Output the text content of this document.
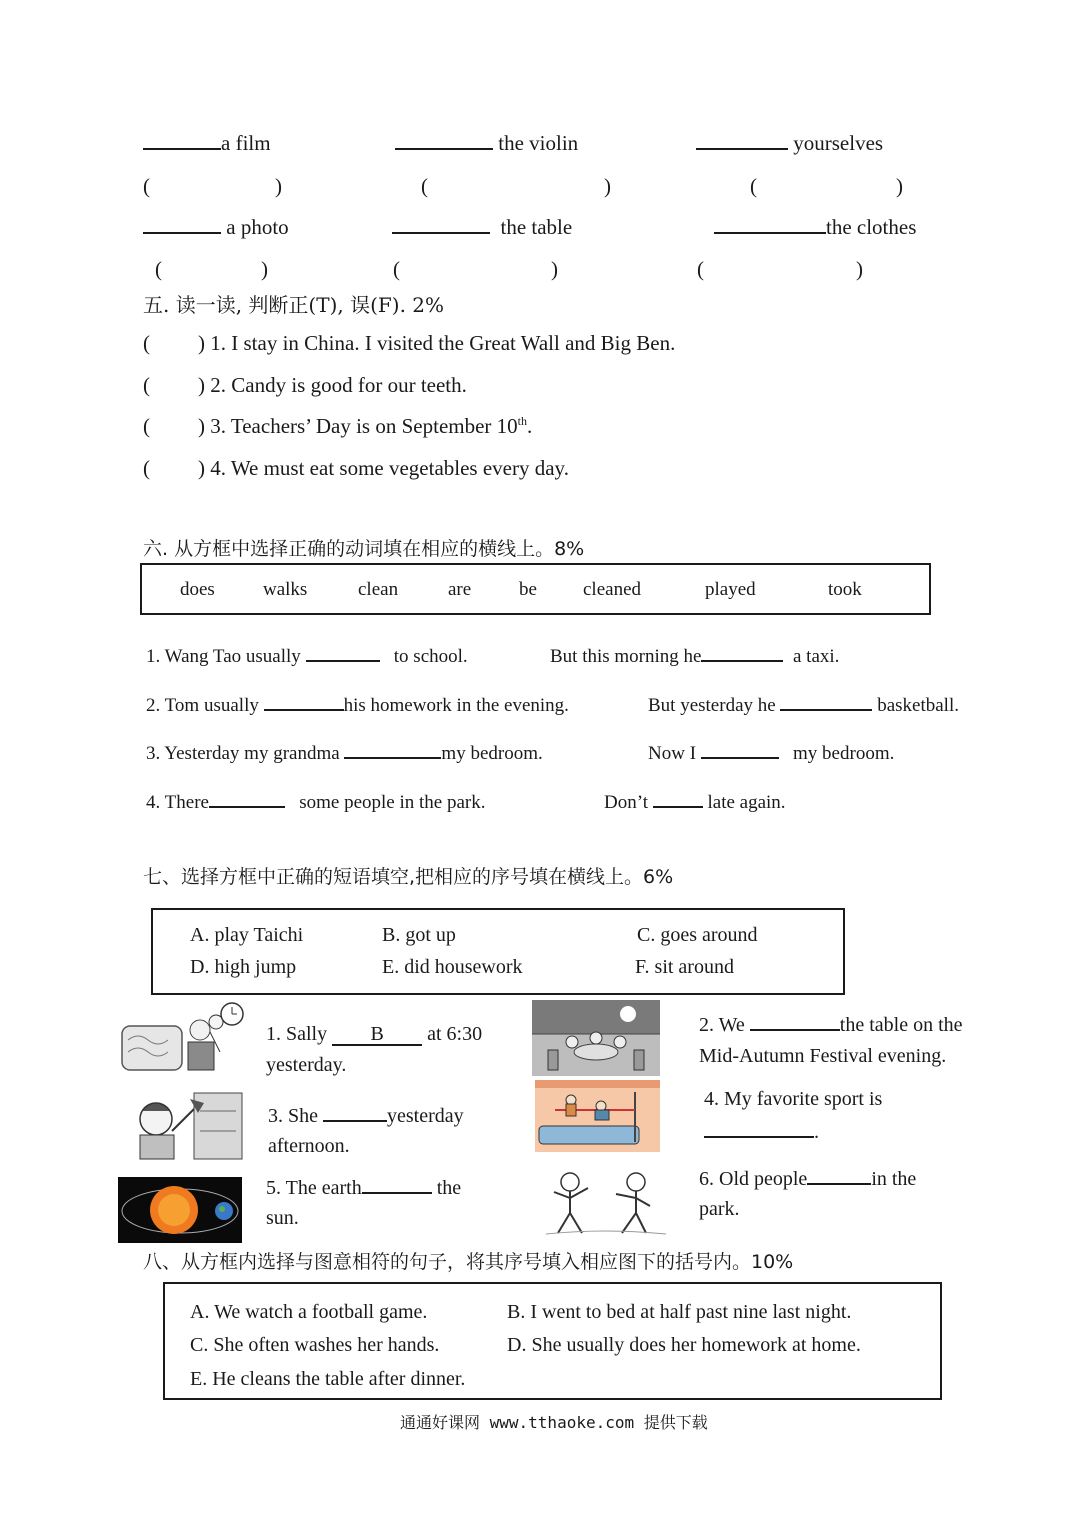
a film	the violin	yourselves
(	)	(	)	(	)
a photo	the table	the clothes
(	)	(	)	(	)
五. 读一读, 判断正(T), 误(F). 2%
( ) 1. I stay in China. I visited the Great Wall and Big Ben.
( ) 2. Candy is good for our teeth.
( ) 3. Teachers’ Day is on September 10th.
( ) 4. We must eat some vegetables every day.
六. 从方框中选择正确的动词填在相应的横线上。8%
does	walks	clean	are	be cleaned	played	took
1. Wang Tao usually	to school.	But this morning he	a taxi.
2. Tom usually	his homework in the evening.	But yesterday he	basketball.
3. Yesterday my grandma	my bedroom.	Now I	my bedroom.
4. There	some people in the park.	Don’t	late again.
七、选择方框中正确的短语填空,把相应的序号填在横线上。6%
A. play Taichi	B. got up	C. goes around
D. high jump	E. did housework	F. sit around
1. Sally B at 6:30
yesterday.
2. We	the table on the
Mid-Autumn Festival evening.
3. She	yesterday
afternoon.
4. My favorite sport is
.
5. The earth	the
sun.
6. Old people	in the
park.
八、从方框内选择与图意相符的句子，将其序号填入相应图下的括号内。10%
A. We watch a football game.	B. I went to bed at half past nine last night.
C. She often washes her hands.	D. She usually does her homework at home.
E. He cleans the table after dinner.
通通好课网 www.tthaoke.com 提供下载
